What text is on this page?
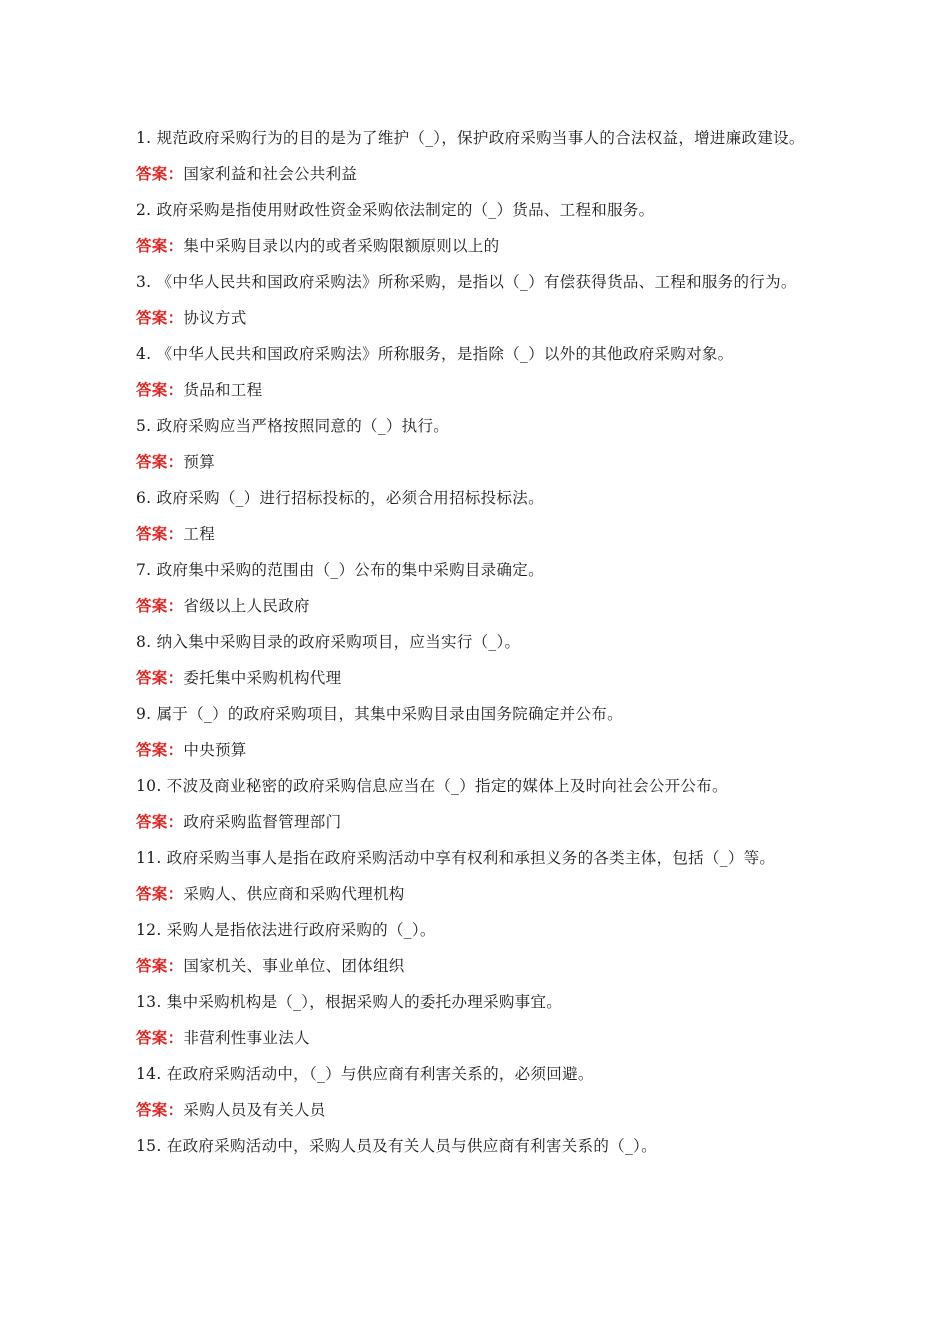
1. 规范政府采购行为的目的是为了维护（_），保护政府采购当事人的合法权益，增进廉政建设。

答案：国家利益和社会公共利益

2. 政府采购是指使用财政性资金采购依法制定的（_）货品、工程和服务。

答案：集中采购目录以内的或者采购限额原则以上的

3. 《中华人民共和国政府采购法》所称采购，是指以（_）有偿获得货品、工程和服务的行为。

答案：协议方式

4. 《中华人民共和国政府采购法》所称服务，是指除（_）以外的其他政府采购对象。

答案：货品和工程

5. 政府采购应当严格按照同意的（_）执行。

答案：预算

6. 政府采购（_）进行招标投标的，必须合用招标投标法。

答案：工程

7. 政府集中采购的范围由（_）公布的集中采购目录确定。

答案：省级以上人民政府

8. 纳入集中采购目录的政府采购项目，应当实行（_）。

答案：委托集中采购机构代理

9. 属于（_）的政府采购项目，其集中采购目录由国务院确定并公布。

答案：中央预算

10. 不波及商业秘密的政府采购信息应当在（_）指定的媒体上及时向社会公开公布。

答案：政府采购监督管理部门

11. 政府采购当事人是指在政府采购活动中享有权利和承担义务的各类主体，包括（_）等。

答案：采购人、供应商和采购代理机构

12. 采购人是指依法进行政府采购的（_）。

答案：国家机关、事业单位、团体组织

13. 集中采购机构是（_），根据采购人的委托办理采购事宜。

答案：非营利性事业法人

14. 在政府采购活动中，（_）与供应商有利害关系的，必须回避。

答案：采购人员及有关人员

15. 在政府采购活动中，采购人员及有关人员与供应商有利害关系的（_）。
